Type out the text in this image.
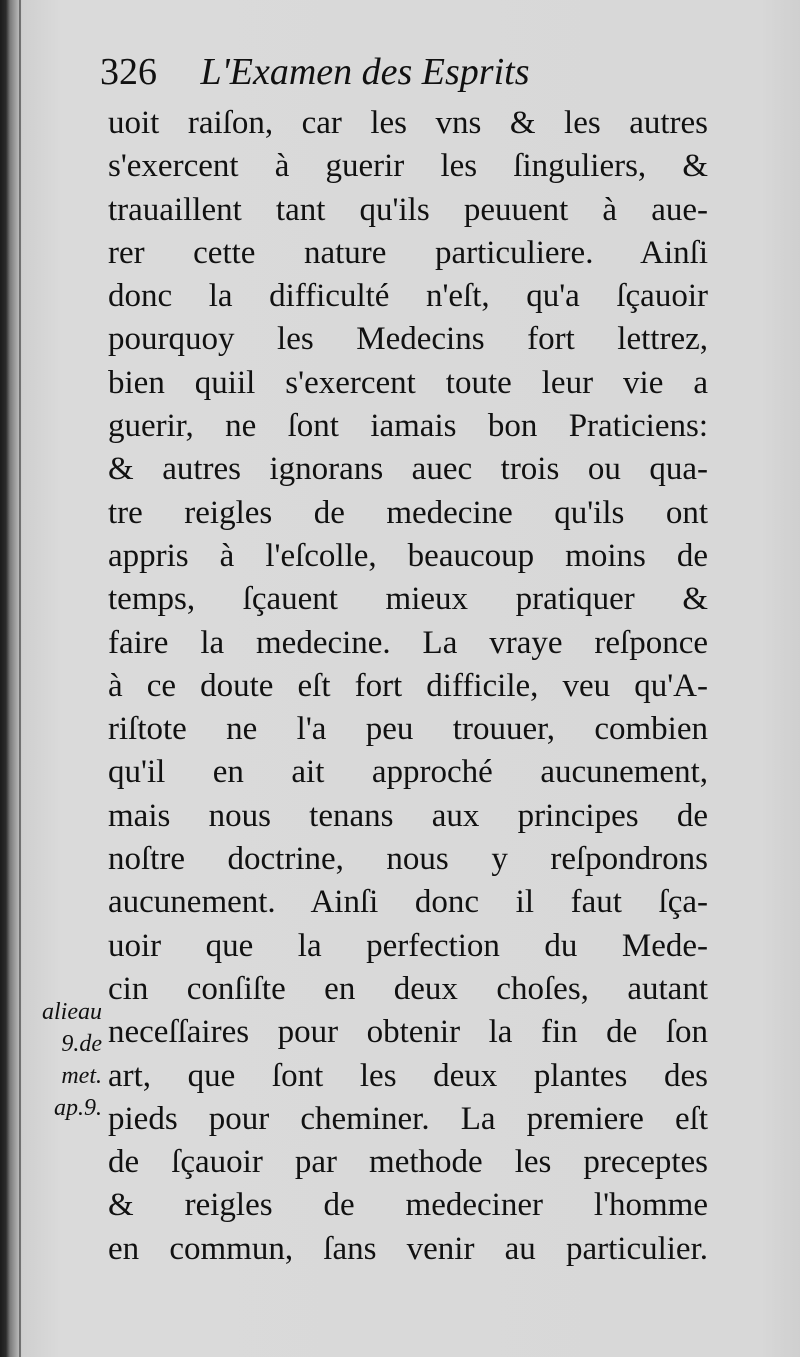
326 L'Examen des Esprits
uoit raiſon, car les vns & les autres
s'exercent à guerir les ſinguliers, &
trauaillent tant qu'ils peuuent à aue-
rer cette nature particuliere. Ainſi
donc la difficulté n'eſt, qu'a ſçauoir
pourquoy les Medecins fort lettrez,
bien quiil s'exercent toute leur vie a
guerir, ne ſont iamais bon Praticiens:
& autres ignorans auec trois ou qua-
tre reigles de medecine qu'ils ont
appris à l'eſcolle, beaucoup moins de
temps, ſçauent mieux pratiquer &
faire la medecine. La vraye reſponce
à ce doute eſt fort difficile, veu qu'A-
riſtote ne l'a peu trouuer, combien
qu'il en ait approché aucunement,
mais nous tenans aux principes de
noſtre doctrine, nous y reſpondrons
aucunement. Ainſi donc il faut ſça-
uoir que la perfection du Mede-
cin conſiſte en deux choſes, autant
neceſſaires pour obtenir la fin de ſon
art, que ſont les deux plantes des
pieds pour cheminer. La premiere eſt
de ſçauoir par methode les preceptes
& reigles de medeciner l'homme
en commun, ſans venir au particulier.
alieau
9.de
met.
ap.9.
